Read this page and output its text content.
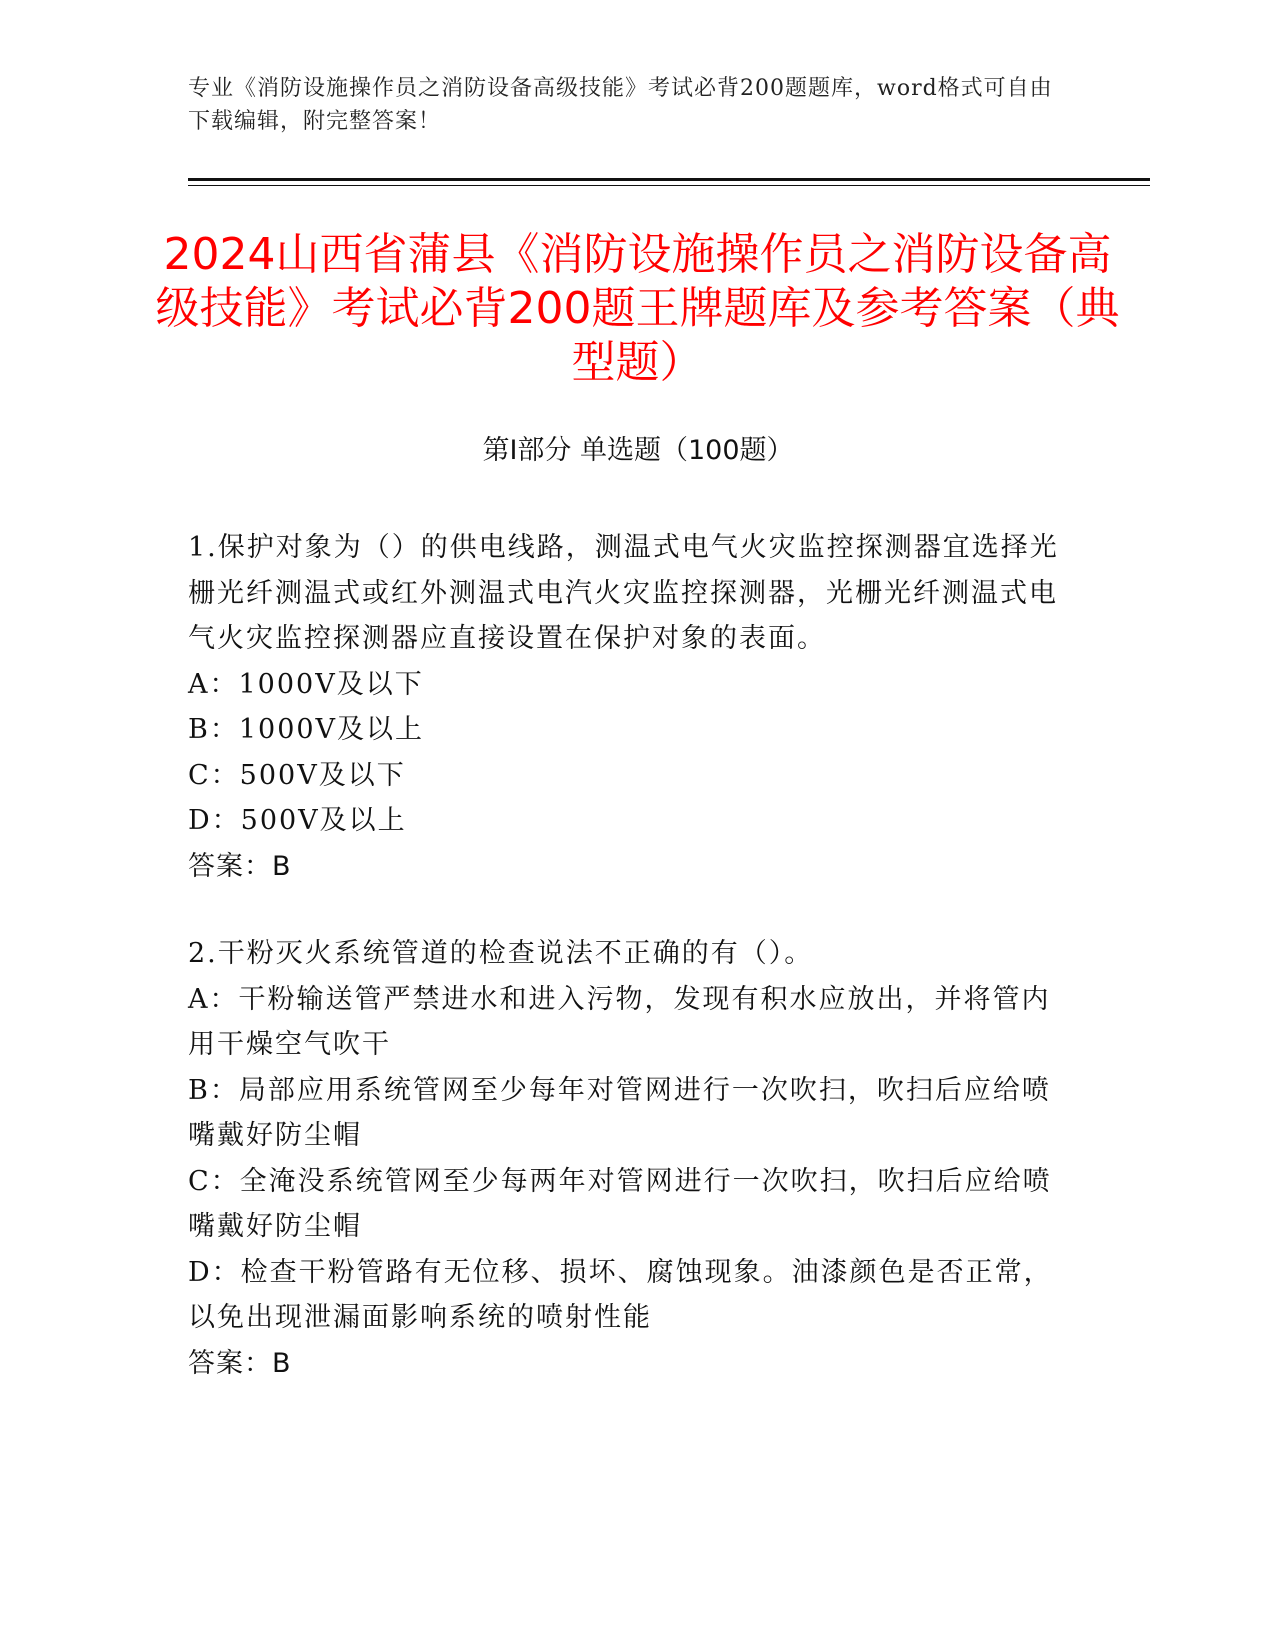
专业《消防设施操作员之消防设备高级技能》考试必背200题题库，word格式可自由下载编辑，附完整答案！
2024山西省蒲县《消防设施操作员之消防设备高级技能》考试必背200题王牌题库及参考答案（典型题）
第I部分 单选题（100题）

1.保护对象为（）的供电线路，测温式电气火灾监控探测器宜选择光栅光纤测温式或红外测温式电汽火灾监控探测器，光栅光纤测温式电气火灾监控探测器应直接设置在保护对象的表面。

A：1000V及以下

B：1000V及以上

C：500V及以下

D：500V及以上

答案：B

2.干粉灭火系统管道的检查说法不正确的有（）。

A：干粉输送管严禁进水和进入污物，发现有积水应放出，并将管内用干燥空气吹干

B：局部应用系统管网至少每年对管网进行一次吹扫，吹扫后应给喷嘴戴好防尘帽

C：全淹没系统管网至少每两年对管网进行一次吹扫，吹扫后应给喷嘴戴好防尘帽

D：检查干粉管路有无位移、损坏、腐蚀现象。油漆颜色是否正常，以免出现泄漏面影响系统的喷射性能

答案：B
